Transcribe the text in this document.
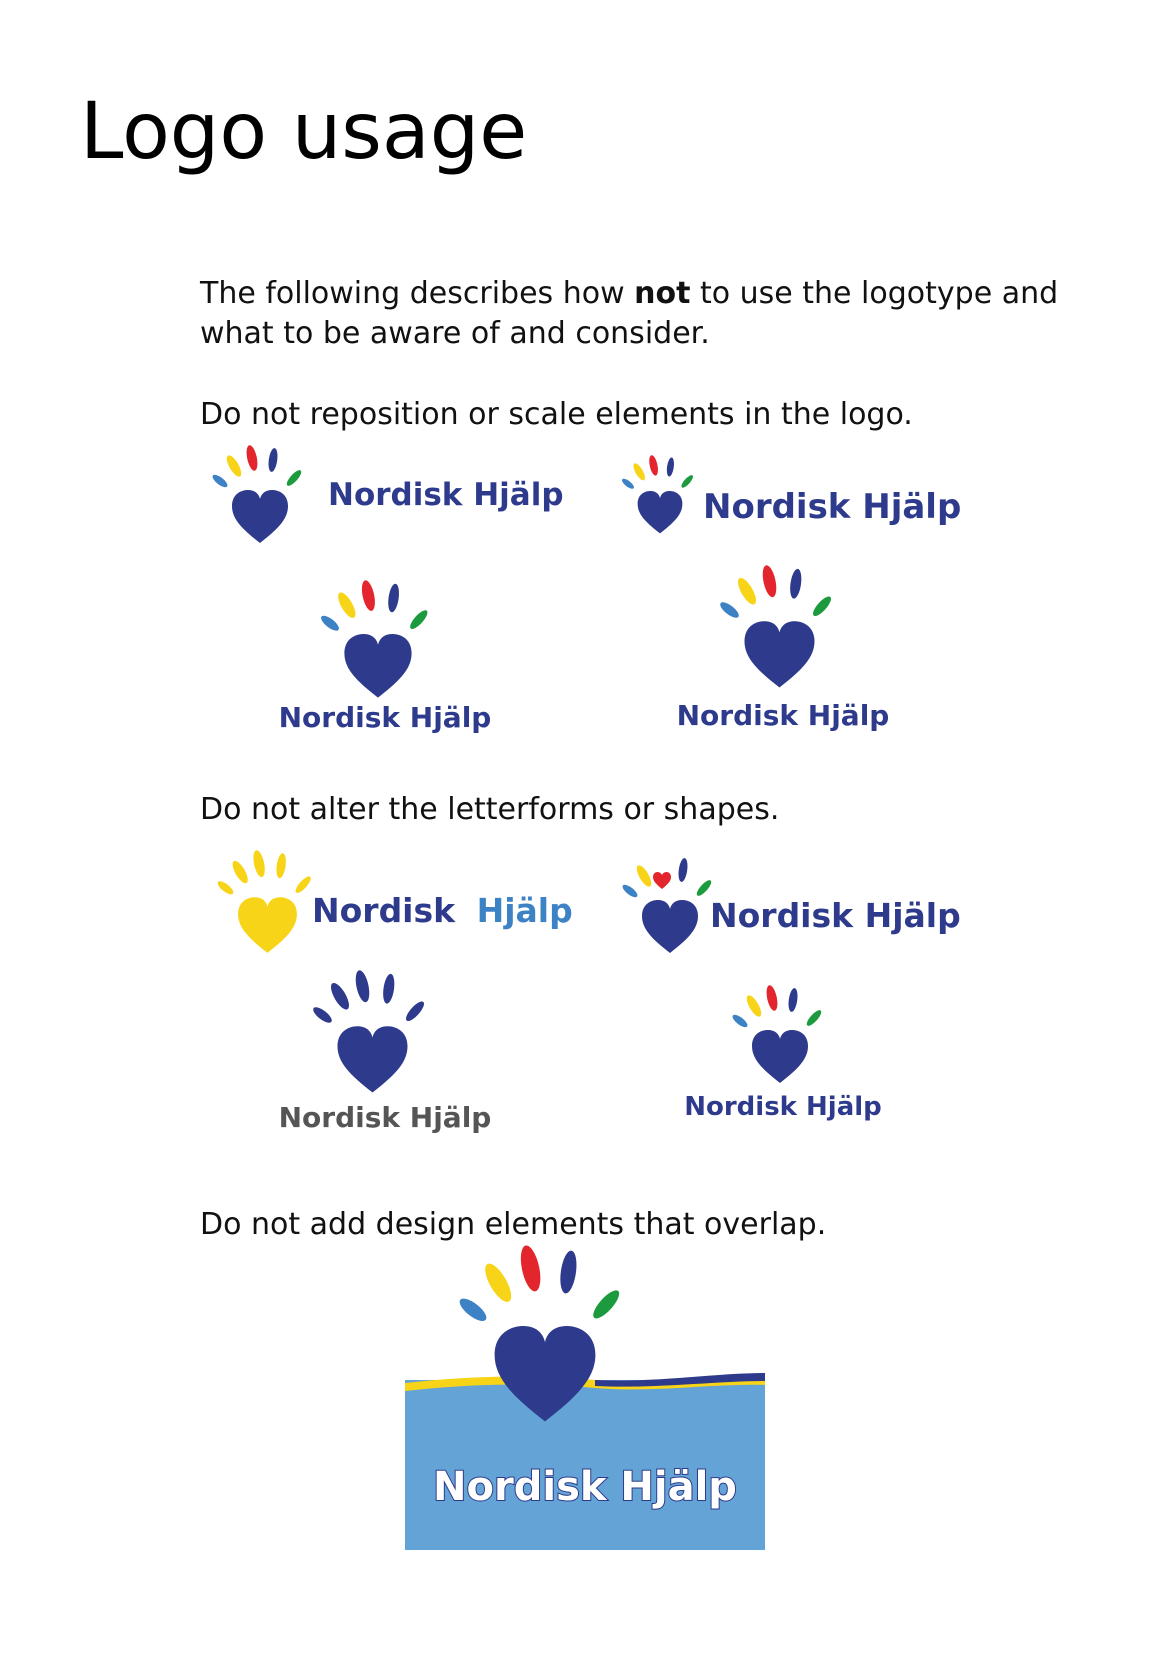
Logo usage

The following describes how not to use the logotype and what to be aware of and consider.

Do not reposition or scale elements in the logo.

Do not alter the letterforms or shapes.

Do not add design elements that overlap.

Nordisk Hjälp	Nordisk Hjälp
Nordisk Hjälp	Nordisk Hjälp
Nordisk Hjälp	Nordisk Hjälp
Nordisk Hjälp	Nordisk Hjälp
Nordisk Hjälp
